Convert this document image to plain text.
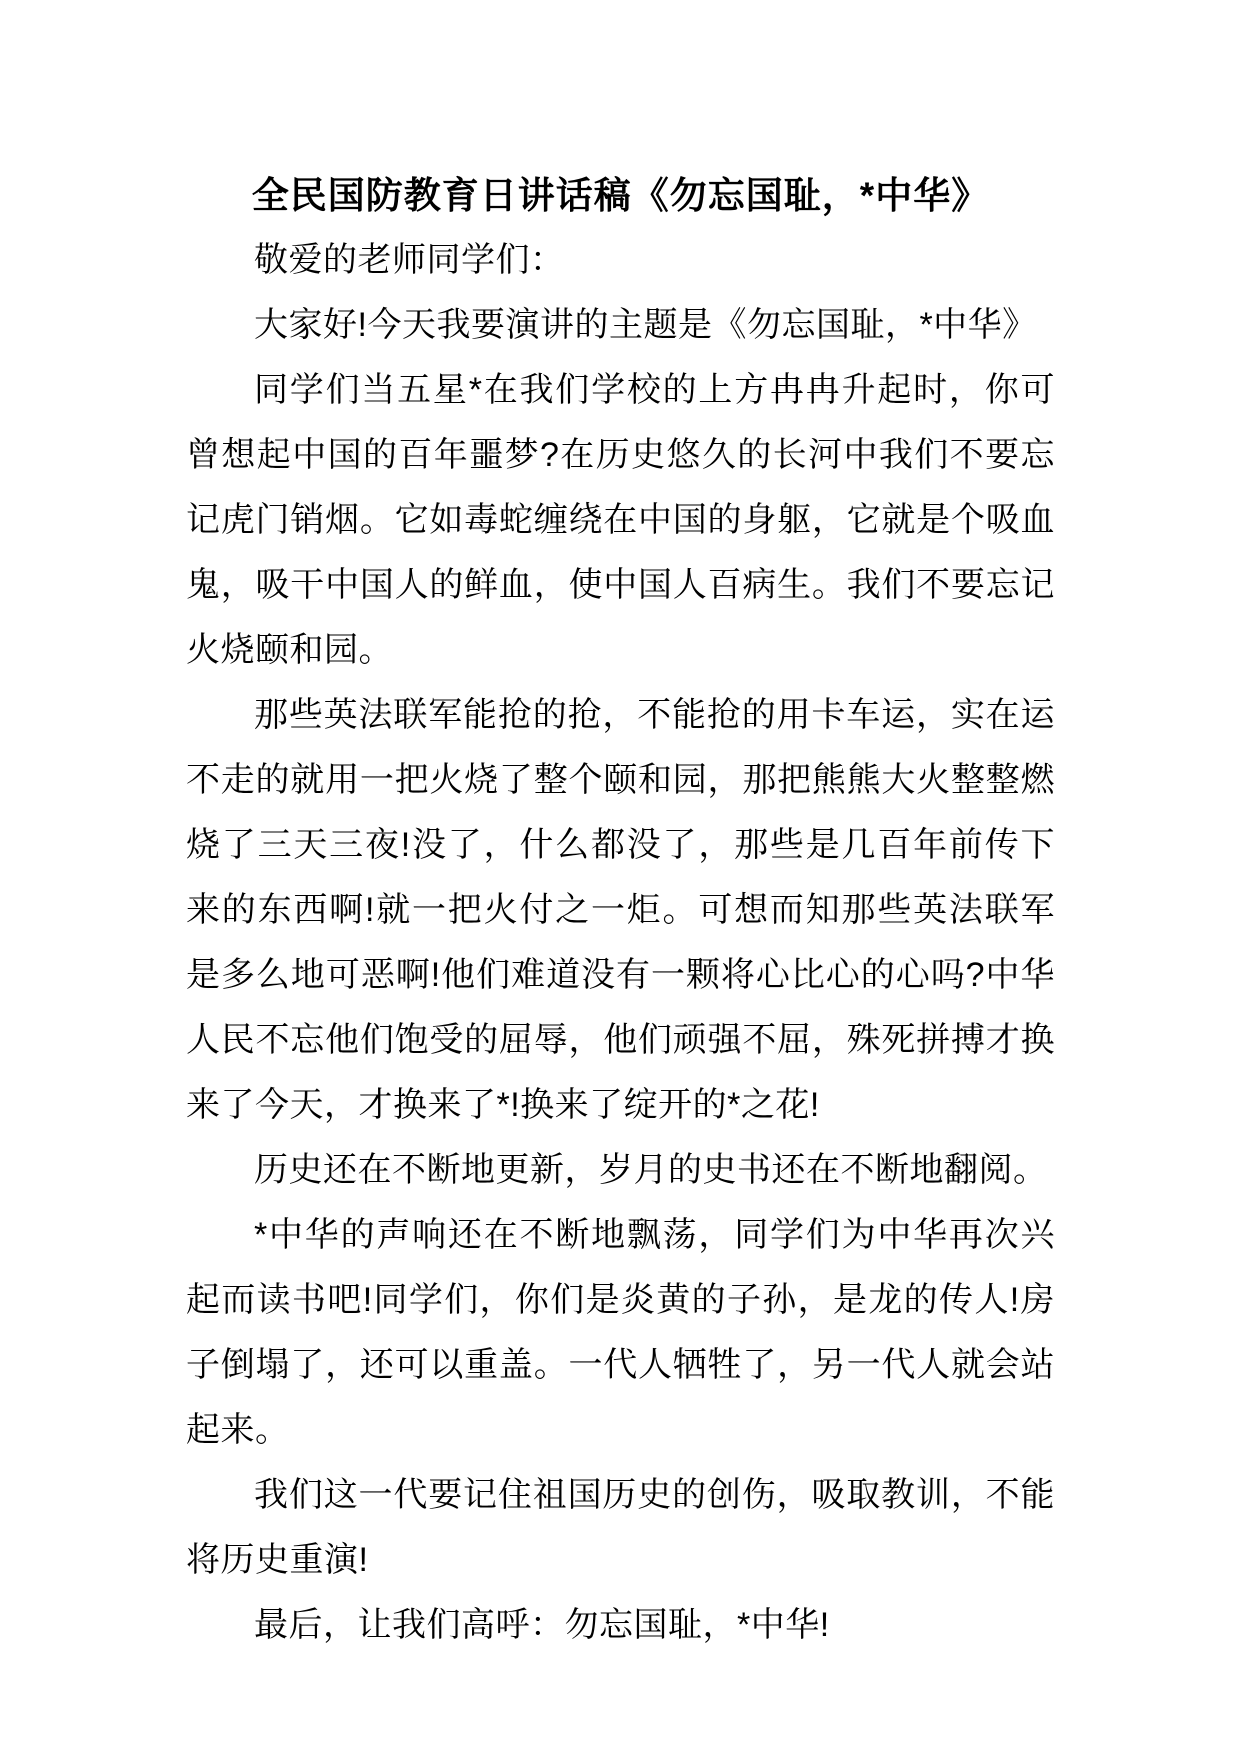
全民国防教育日讲话稿《勿忘国耻，*中华》

敬爱的老师同学们：

大家好!今天我要演讲的主题是《勿忘国耻，*中华》

同学们当五星*在我们学校的上方冉冉升起时，你可曾想起中国的百年噩梦?在历史悠久的长河中我们不要忘记虎门销烟。它如毒蛇缠绕在中国的身躯，它就是个吸血鬼，吸干中国人的鲜血，使中国人百病生。我们不要忘记火烧颐和园。

那些英法联军能抢的抢，不能抢的用卡车运，实在运不走的就用一把火烧了整个颐和园，那把熊熊大火整整燃烧了三天三夜!没了，什么都没了，那些是几百年前传下来的东西啊!就一把火付之一炬。可想而知那些英法联军是多么地可恶啊!他们难道没有一颗将心比心的心吗?中华人民不忘他们饱受的屈辱，他们顽强不屈，殊死拼搏才换来了今天，才换来了*!换来了绽开的*之花!

历史还在不断地更新，岁月的史书还在不断地翻阅。

*中华的声响还在不断地飘荡，同学们为中华再次兴起而读书吧!同学们，你们是炎黄的子孙，是龙的传人!房子倒塌了，还可以重盖。一代人牺牲了，另一代人就会站起来。

我们这一代要记住祖国历史的创伤，吸取教训，不能将历史重演!

最后，让我们高呼：勿忘国耻，*中华!
